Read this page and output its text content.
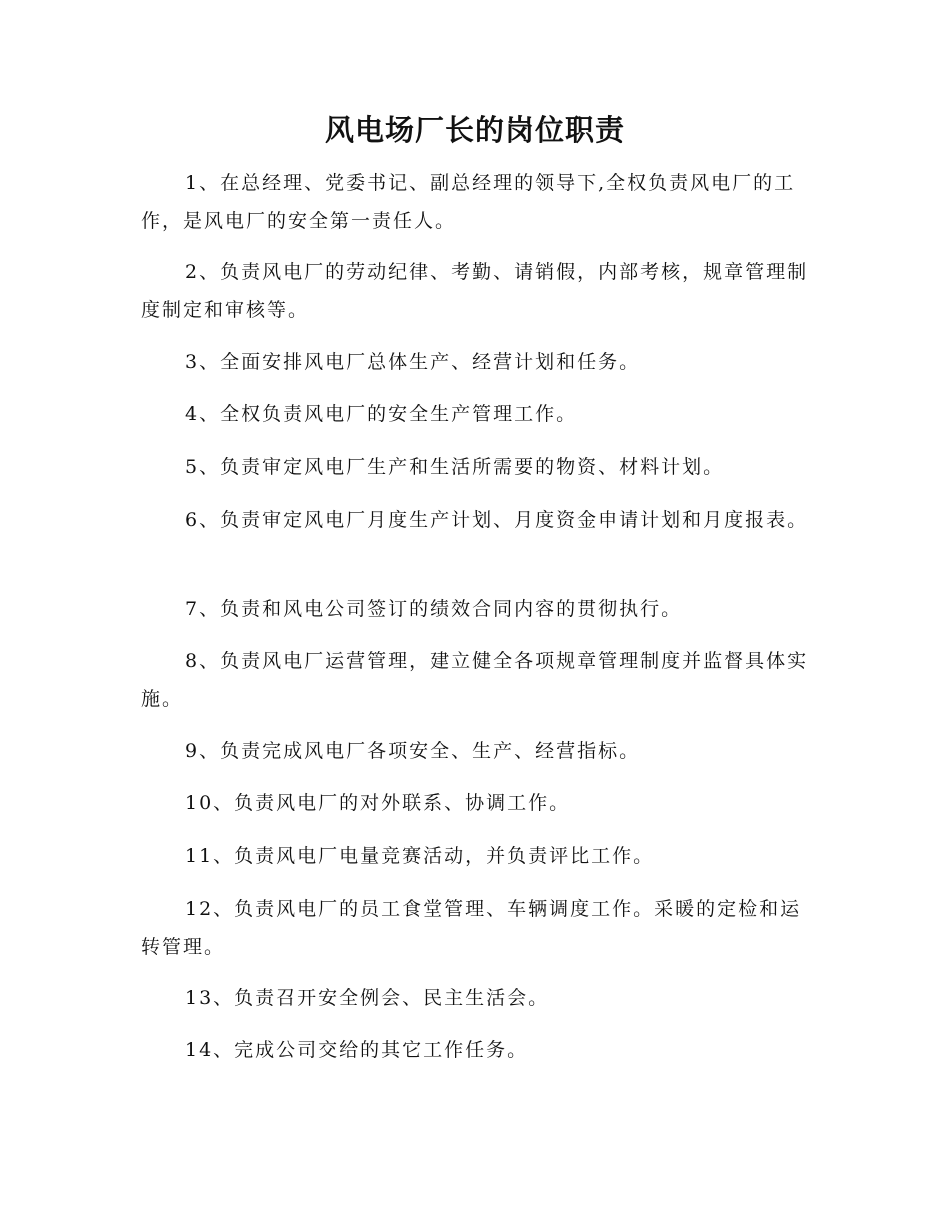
风电场厂长的岗位职责

1、在总经理、党委书记、副总经理的领导下,全权负责风电厂的工作，是风电厂的安全第一责任人。

2、负责风电厂的劳动纪律、考勤、请销假，内部考核，规章管理制度制定和审核等。

3、全面安排风电厂总体生产、经营计划和任务。

4、全权负责风电厂的安全生产管理工作。

5、负责审定风电厂生产和生活所需要的物资、材料计划。

6、负责审定风电厂月度生产计划、月度资金申请计划和月度报表。

7、负责和风电公司签订的绩效合同内容的贯彻执行。

8、负责风电厂运营管理，建立健全各项规章管理制度并监督具体实施。

9、负责完成风电厂各项安全、生产、经营指标。

10、负责风电厂的对外联系、协调工作。

11、负责风电厂电量竞赛活动，并负责评比工作。

12、负责风电厂的员工食堂管理、车辆调度工作。采暖的定检和运转管理。

13、负责召开安全例会、民主生活会。

14、完成公司交给的其它工作任务。
